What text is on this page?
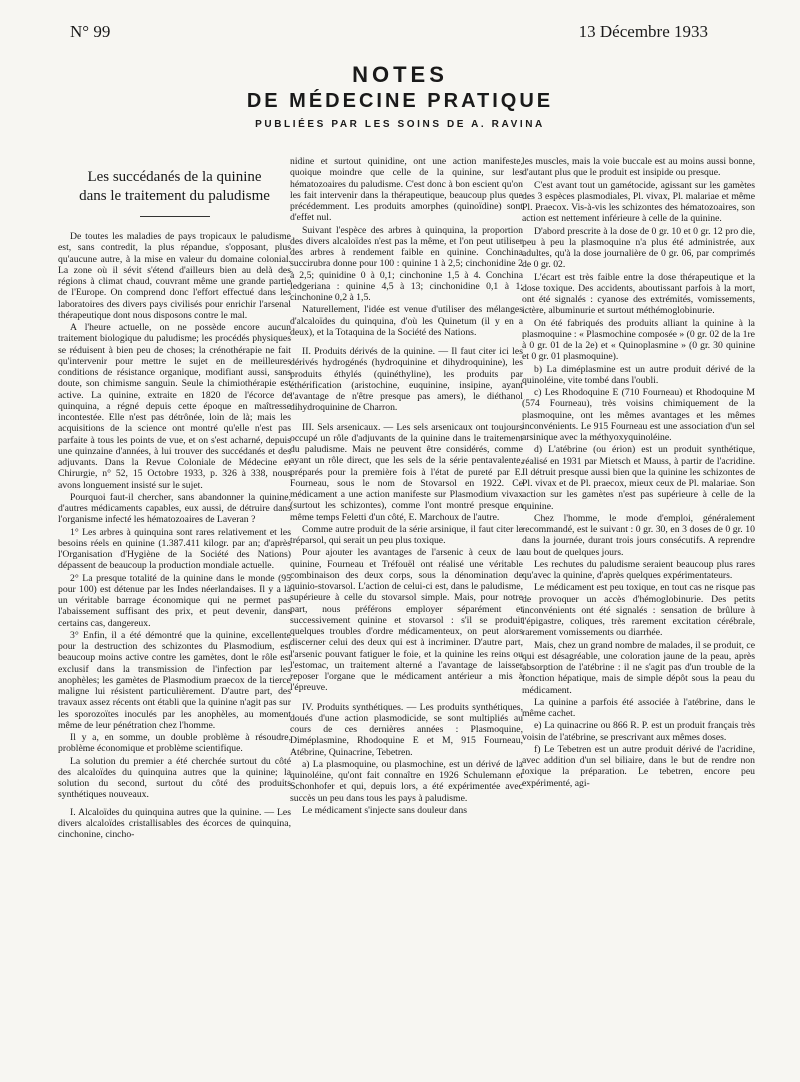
N° 99	13 Décembre 1933
NOTES
DE MÉDECINE PRATIQUE
PUBLIÉES PAR LES SOINS DE A. RAVINA
Les succédanés de la quinine
dans le traitement du paludisme

De toutes les maladies de pays tropicaux le paludisme est, sans contredit, la plus répandue, s'opposant, plus qu'aucune autre, à la mise en valeur du domaine colonial. La zone où il sévit s'étend d'ailleurs bien au delà des régions à climat chaud, couvrant même une grande partie de l'Europe. On comprend donc l'effort effectué dans les laboratoires des divers pays civilisés pour enrichir l'arsenal thérapeutique dont nous disposons contre le mal.

A l'heure actuelle, on ne possède encore aucun traitement biologique du paludisme; les procédés physiques se réduisent à bien peu de choses; la crénothérapie ne fait qu'intervenir pour mettre le sujet en de meilleures conditions de résistance organique, modifiant aussi, sans doute, son chimisme sanguin. Seule la chimiothérapie est active. La quinine, extraite en 1820 de l'écorce de quinquina, a régné depuis cette époque en maîtresse incontestée. Elle n'est pas détrônée, loin de là; mais les acquisitions de la science ont montré qu'elle n'est pas parfaite à tous les points de vue, et on s'est acharné, depuis une quinzaine d'années, à lui trouver des succédanés et des adjuvants. Dans la Revue Coloniale de Médecine et Chirurgie, n° 52, 15 Octobre 1933, p. 326 à 338, nous avons longuement insisté sur le sujet.

Pourquoi faut-il chercher, sans abandonner la quinine, d'autres médicaments capables, eux aussi, de détruire dans l'organisme infecté les hématozoaires de Laveran ?

1° Les arbres à quinquina sont rares relativement et les besoins réels en quinine (1.387.411 kilogr. par an; d'après l'Organisation d'Hygiène de la Société des Nations) dépassent de beaucoup la production mondiale actuelle.

2° La presque totalité de la quinine dans le monde (95 pour 100) est détenue par les Indes néerlandaises. Il y a là un véritable barrage économique qui ne permet pas l'abaissement suffisant des prix, et peut devenir, dans certains cas, dangereux.

3° Enfin, il a été démontré que la quinine, excellente pour la destruction des schizontes du Plasmodium, est beaucoup moins active contre les gamètes, dont le rôle est exclusif dans la transmission de l'infection par les anophèles; les gamètes de Plasmodium praecox de la tierce maligne lui résistent particulièrement. D'autre part, des travaux assez récents ont établi que la quinine n'agit pas sur les sporozoïtes inoculés par les anophèles, au moment même de leur pénétration chez l'homme.

Il y a, en somme, un double problème à résoudre, problème économique et problème scientifique.

La solution du premier a été cherchée surtout du côté des alcaloïdes du quinquina autres que la quinine; la solution du second, surtout du côté des produits synthétiques nouveaux.

I. Alcaloïdes du quinquina autres que la quinine. — Les divers alcaloïdes cristallisables des écorces de quinquina, cinchonine, cincho-

nidine et surtout quinidine, ont une action manifeste, quoique moindre que celle de la quinine, sur les hématozoaires du paludisme. C'est donc à bon escient qu'on les fait intervenir dans la thérapeutique, beaucoup plus que précédemment. Les produits amorphes (quinoïdine) sont d'effet nul.

Suivant l'espèce des arbres à quinquina, la proportion des divers alcaloïdes n'est pas la même, et l'on peut utiliser des arbres à rendement faible en quinine. Conchina succirubra donne pour 100 : quinine 1 à 2,5; cinchonidine 2 à 2,5; quinidine 0 à 0,1; cinchonine 1,5 à 4. Conchina ledgeriana : quinine 4,5 à 13; cinchonidine 0,1 à 1; cinchonine 0,2 à 1,5.

Naturellement, l'idée est venue d'utiliser des mélanges d'alcaloïdes du quinquina, d'où les Quinetum (il y en a deux), et la Totaquina de la Société des Nations.

II. Produits dérivés de la quinine. — Il faut citer ici les dérivés hydrogénés (hydroquinine et dihydroquinine), les produits éthylés (quinéthyline), les produits par éthérification (aristochine, euquinine, insipine, ayant l'avantage de n'être presque pas amers), le diéthanol dihydroquinine de Charron.

III. Sels arsenicaux. — Les sels arsenicaux ont toujours occupé un rôle d'adjuvants de la quinine dans le traitement du paludisme. Mais ne peuvent être considérés, comme ayant un rôle direct, que les sels de la série pentavalente, préparés pour la première fois à l'état de pureté par E. Fourneau, sous le nom de Stovarsol en 1922. Ce médicament a une action manifeste sur Plasmodium vivax (surtout les schizontes), comme l'ont montré presque en même temps Feletti d'un côté, E. Marchoux de l'autre.

Comme autre produit de la série arsinique, il faut citer le tréparsol, qui serait un peu plus toxique.

Pour ajouter les avantages de l'arsenic à ceux de la quinine, Fourneau et Tréfouël ont réalisé une véritable combinaison des deux corps, sous la dénomination de quinio-stovarsol. L'action de celui-ci est, dans le paludisme, supérieure à celle du stovarsol simple. Mais, pour notre part, nous préférons employer séparément et successivement quinine et stovarsol : s'il se produit quelques troubles d'ordre médicamenteux, on peut alors discerner celui des deux qui est à incriminer. D'autre part, l'arsenic pouvant fatiguer le foie, et la quinine les reins ou l'estomac, un traitement alterné a l'avantage de laisser reposer l'organe que le médicament antérieur a mis à l'épreuve.

IV. Produits synthétiques. — Les produits synthétiques, doués d'une action plasmodicide, se sont multipliés au cours de ces dernières années : Plasmoquine, Diméplasmine, Rhodoquine E et M, 915 Fourneau, Atébrine, Quinacrine, Tebetren.

a) La plasmoquine, ou plasmochine, est un dérivé de la quinoléine, qu'ont fait connaître en 1926 Schulemann et Schonhofer et qui, depuis lors, a été expérimentée avec succès un peu dans tous les pays à paludisme.

Le médicament s'injecte sans douleur dans

les muscles, mais la voie buccale est au moins aussi bonne, d'autant plus que le produit est insipide ou presque.

C'est avant tout un gamétocide, agissant sur les gamètes des 3 espèces plasmodiales, Pl. vivax, Pl. malariae et même Pl. Praecox. Vis-à-vis les schizontes des hématozoaires, son action est nettement inférieure à celle de la quinine.

D'abord prescrite à la dose de 0 gr. 10 et 0 gr. 12 pro die, peu à peu la plasmoquine n'a plus été administrée, aux adultes, qu'à la dose journalière de 0 gr. 06, par comprimés de 0 gr. 02.

L'écart est très faible entre la dose thérapeutique et la dose toxique. Des accidents, aboutissant parfois à la mort, ont été signalés : cyanose des extrémités, vomissements, ictère, albuminurie et surtout méthémoglobinurie.

On été fabriqués des produits alliant la quinine à la plasmoquine : « Plasmochine composée » (0 gr. 02 de la 1re à 0 gr. 01 de la 2e) et « Quinoplasmine » (0 gr. 30 quinine et 0 gr. 01 plasmoquine).

b) La diméplasmine est un autre produit dérivé de la quinoléine, vite tombé dans l'oubli.

c) Les Rhodoquine E (710 Fourneau) et Rhodoquine M (574 Fourneau), très voisins chimiquement de la plasmoquine, ont les mêmes avantages et les mêmes inconvénients. Le 915 Fourneau est une association d'un sel arsinique avec la méthyoxyquinoléine.

d) L'atébrine (ou érion) est un produit synthétique, réalisé en 1931 par Mietsch et Mauss, à partir de l'acridine. Il détruit presque aussi bien que la quinine les schizontes de Pl. vivax et de Pl. praecox, mieux ceux de Pl. malariae. Son action sur les gamètes n'est pas supérieure à celle de la quinine.

Chez l'homme, le mode d'emploi, généralement recommandé, est le suivant : 0 gr. 30, en 3 doses de 0 gr. 10 dans la journée, durant trois jours consécutifs. A reprendre au bout de quelques jours.

Les rechutes du paludisme seraient beaucoup plus rares qu'avec la quinine, d'après quelques expérimentateurs.

Le médicament est peu toxique, en tout cas ne risque pas de provoquer un accès d'hémoglobinurie. Des petits inconvénients ont été signalés : sensation de brûlure à l'épigastre, coliques, très rarement excitation cérébrale, rarement vomissements ou diarrhée.

Mais, chez un grand nombre de malades, il se produit, ce qui est désagréable, une coloration jaune de la peau, après absorption de l'atébrine : il ne s'agit pas d'un trouble de la fonction hépatique, mais de simple dépôt sous la peau du médicament.

La quinine a parfois été associée à l'atébrine, dans le même cachet.

e) La quinacrine ou 866 R. P. est un produit français très voisin de l'atébrine, se prescrivant aux mêmes doses.

f) Le Tebetren est un autre produit dérivé de l'acridine, avec addition d'un sel biliaire, dans le but de rendre non toxique la préparation. Le tebetren, encore peu expérimenté, agi-
